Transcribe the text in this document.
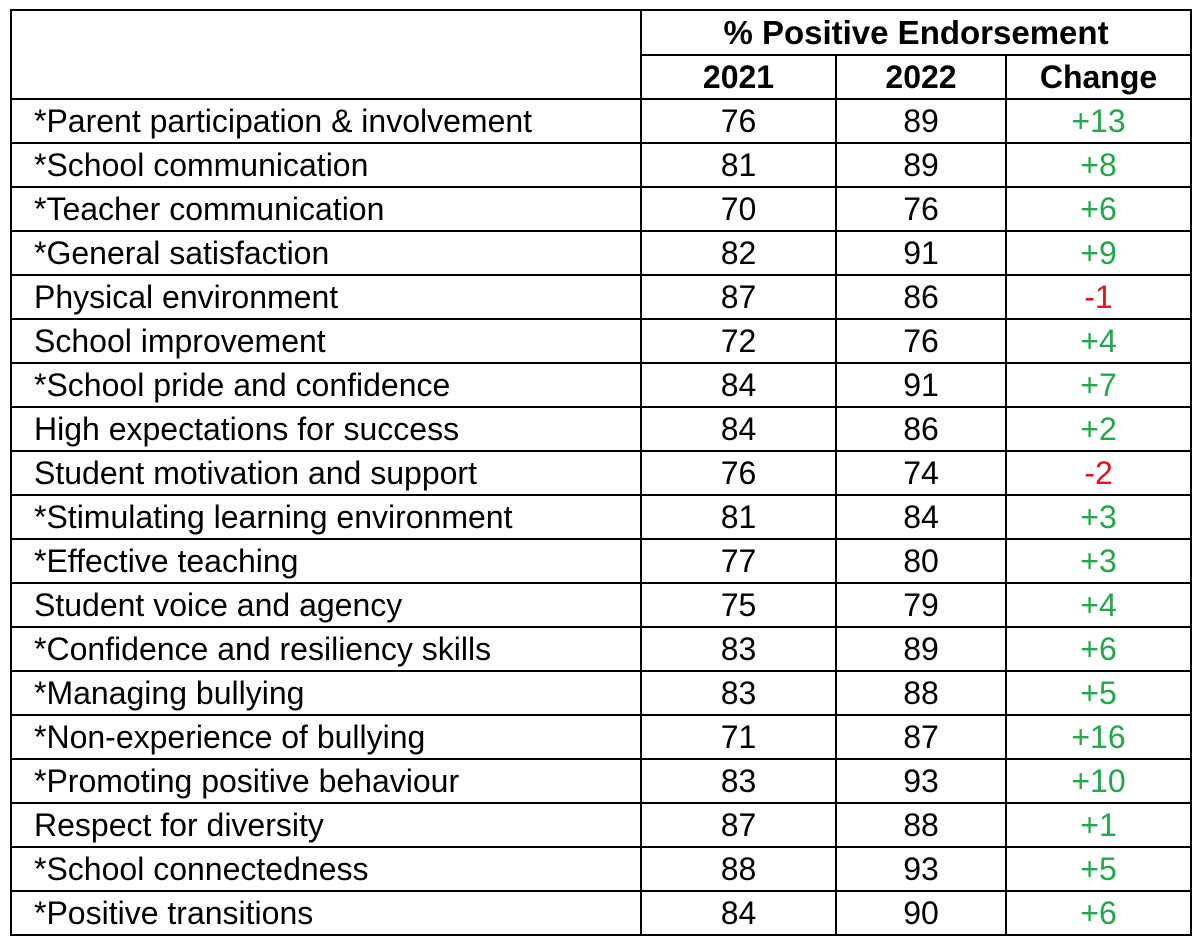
	% Positive Endorsement		
	2021	2022	Change
*Parent participation & involvement	76	89	+13
*School communication	81	89	+8
*Teacher communication	70	76	+6
*General satisfaction	82	91	+9
Physical environment	87	86	-1
School improvement	72	76	+4
*School pride and confidence	84	91	+7
High expectations for success	84	86	+2
Student motivation and support	76	74	-2
*Stimulating learning environment	81	84	+3
*Effective teaching	77	80	+3
Student voice and agency	75	79	+4
*Confidence and resiliency skills	83	89	+6
*Managing bullying	83	88	+5
*Non-experience of bullying	71	87	+16
*Promoting positive behaviour	83	93	+10
Respect for diversity	87	88	+1
*School connectedness	88	93	+5
*Positive transitions	84	90	+6
